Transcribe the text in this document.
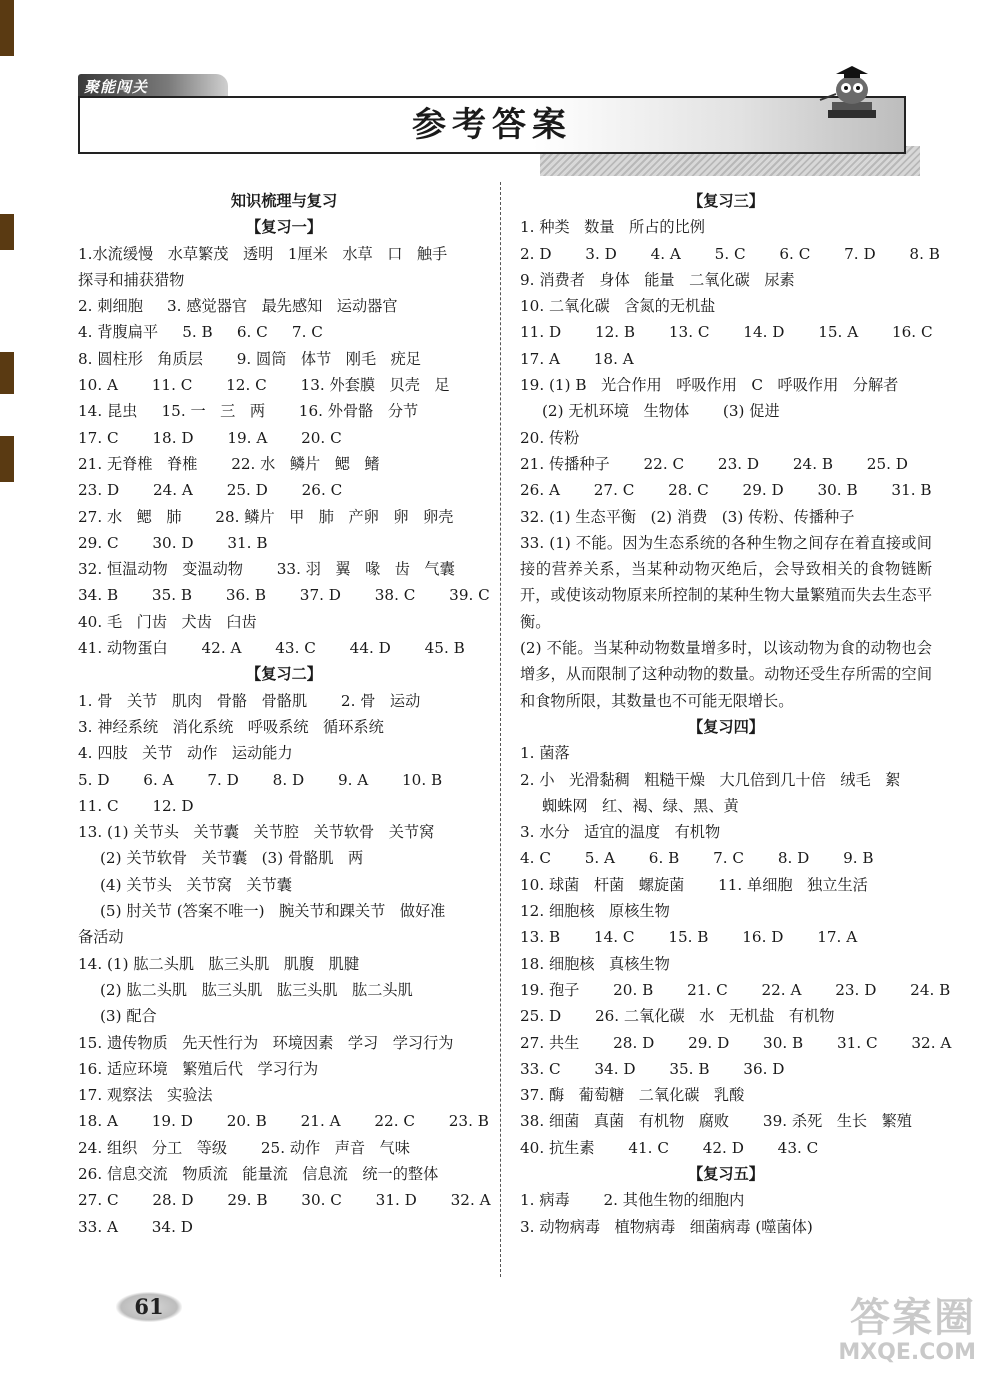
聚能闯关
参考答案
知识梳理与复习
【复习一】
1.水流缓慢   水草繁茂   透明   1厘米   水草   口   触手
探寻和捕获猎物
2. 刺细胞     3. 感觉器官   最先感知   运动器官
4. 背腹扁平     5. B     6. C     7. C
8. 圆柱形   角质层       9. 圆筒   体节   刚毛   疣足
10. A       11. C       12. C       13. 外套膜   贝壳   足
14. 昆虫     15. 一   三   两       16. 外骨骼   分节
17. C       18. D       19. A       20. C
21. 无脊椎   脊椎       22. 水   鳞片   鳃   鳍
23. D       24. A       25. D       26. C
27. 水   鳃   肺       28. 鳞片   甲   肺   产卵   卵   卵壳
29. C       30. D       31. B
32. 恒温动物   变温动物       33. 羽   翼   喙   齿   气囊
34. B       35. B       36. B       37. D       38. C       39. C
40. 毛   门齿   犬齿   臼齿
41. 动物蛋白       42. A       43. C       44. D       45. B
【复习二】
1. 骨   关节   肌肉   骨骼   骨骼肌       2. 骨   运动
3. 神经系统   消化系统   呼吸系统   循环系统
4. 四肢   关节   动作   运动能力
5. D       6. A       7. D       8. D       9. A       10. B
11. C       12. D
13. (1) 关节头   关节囊   关节腔   关节软骨   关节窝
(2) 关节软骨   关节囊   (3) 骨骼肌   两
(4) 关节头   关节窝   关节囊
(5) 肘关节 (答案不唯一)   腕关节和踝关节   做好准
备活动
14. (1) 肱二头肌   肱三头肌   肌腹   肌腱
(2) 肱二头肌   肱三头肌   肱三头肌   肱二头肌
(3) 配合
15. 遗传物质   先天性行为   环境因素   学习   学习行为
16. 适应环境   繁殖后代   学习行为
17. 观察法   实验法
18. A       19. D       20. B       21. A       22. C       23. B
24. 组织   分工   等级       25. 动作   声音   气味
26. 信息交流   物质流   能量流   信息流   统一的整体
27. C       28. D       29. B       30. C       31. D       32. A
33. A       34. D
【复习三】
1. 种类   数量   所占的比例
2. D       3. D       4. A       5. C       6. C       7. D       8. B
9. 消费者   身体   能量   二氧化碳   尿素
10. 二氧化碳   含氮的无机盐
11. D       12. B       13. C       14. D       15. A       16. C
17. A       18. A
19. (1) B   光合作用   呼吸作用   C   呼吸作用   分解者
(2) 无机环境   生物体       (3) 促进
20. 传粉
21. 传播种子       22. C       23. D       24. B       25. D
26. A       27. C       28. C       29. D       30. B       31. B
32. (1) 生态平衡   (2) 消费   (3) 传粉、传播种子
33. (1) 不能。因为生态系统的各种生物之间存在着直接或间接的营养关系，当某种动物灭绝后，会导致相关的食物链断开，或使该动物原来所控制的某种生物大量繁殖而失去生态平衡。
(2) 不能。当某种动物数量增多时，以该动物为食的动物也会增多，从而限制了这种动物的数量。动物还受生存所需的空间和食物所限，其数量也不可能无限增长。
【复习四】
1. 菌落
2. 小   光滑黏稠   粗糙干燥   大几倍到几十倍   绒毛   絮
蜘蛛网   红、褐、绿、黑、黄
3. 水分   适宜的温度   有机物
4. C       5. A       6. B       7. C       8. D       9. B
10. 球菌   杆菌   螺旋菌       11. 单细胞   独立生活
12. 细胞核   原核生物
13. B       14. C       15. B       16. D       17. A
18. 细胞核   真核生物
19. 孢子       20. B       21. C       22. A       23. D       24. B
25. D       26. 二氧化碳   水   无机盐   有机物
27. 共生       28. D       29. D       30. B       31. C       32. A
33. C       34. D       35. B       36. D
37. 酶   葡萄糖   二氧化碳   乳酸
38. 细菌   真菌   有机物   腐败       39. 杀死   生长   繁殖
40. 抗生素       41. C       42. D       43. C
【复习五】
1. 病毒       2. 其他生物的细胞内
3. 动物病毒   植物病毒   细菌病毒 (噬菌体)
61	答案圈
MXQE.COM
